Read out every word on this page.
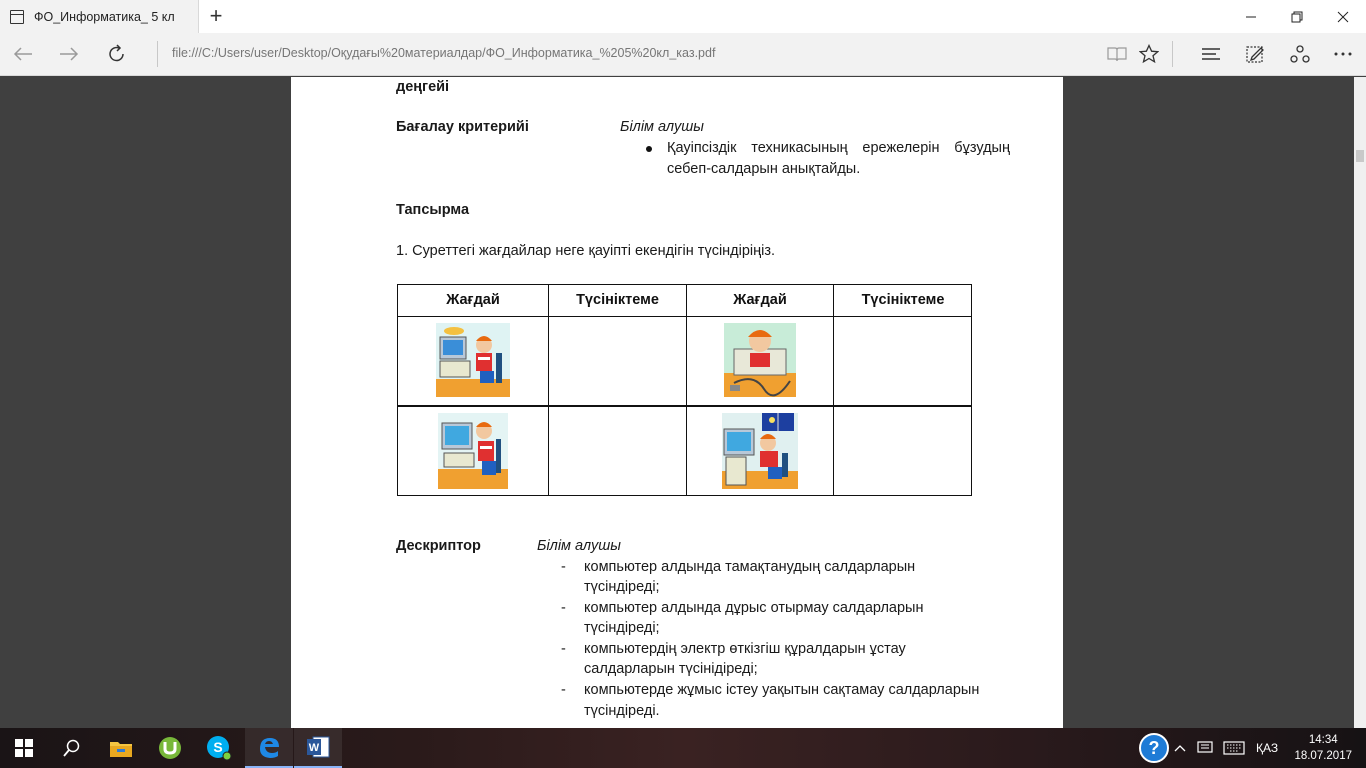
ФО_Информатика_ 5 кл	+
file:///C:/Users/user/Desktop/Оқудағы%20материалдар/ФО_Информатика_%205%20кл_каз.pdf
деңгейі
Бағалау критерийі	Білім алушы
Қауіпсіздік техникасының ережелерін бұзудың
себеп-салдарын анықтайды.
Тапсырма
1. Суреттегі жағдайлар неге қауіпті екендігін түсіндіріңіз.
Жағдай	Түсініктеме	Жағдай	Түсініктеме
Дескриптор	Білім алушы
- компьютер алдында тамақтанудың салдарларын
түсіндіреді;
- компьютер алдында дұрыс отырмау салдарларын
түсіндіреді;
- компьютердің электр өткізгіш құралдарын ұстау
салдарларын түсінідіреді;
- компьютерде жұмыс істеу уақытын сақтамау салдарларын
түсіндіреді.
S	W	?	ҚАЗ
14:34
18.07.2017
